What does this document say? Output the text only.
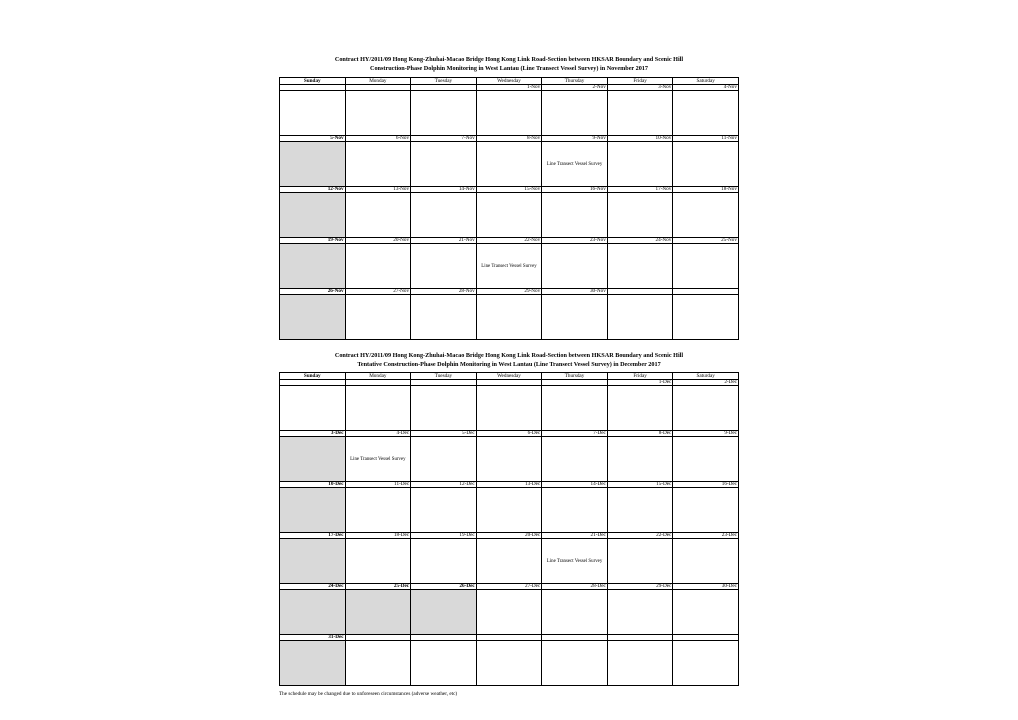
Contract HY/2011/09 Hong Kong-Zhuhai-Macao Bridge Hong Kong Link Road-Section between HKSAR Boundary and Scenic Hill
Construction-Phase Dolphin Monitoring in West Lantau (Line Transect Vessel Survey) in November 2017
Sunday	Monday	Tuesday	Wednesday	Thursday	Friday	Saturday
			1-Nov	2-Nov	3-Nov	4-Nov

5-Nov	6-Nov	7-Nov	8-Nov	9-Nov	10-Nov	11-Nov
				Line Transect Vessel Survey		
12-Nov	13-Nov	14-Nov	15-Nov	16-Nov	17-Nov	18-Nov

19-Nov	20-Nov	21-Nov	22-Nov	23-Nov	24-Nov	25-Nov
			Line Transect Vessel Survey			
26-Nov	27-Nov	28-Nov	29-Nov	30-Nov		

Contract HY/2011/09 Hong Kong-Zhuhai-Macao Bridge Hong Kong Link Road-Section between HKSAR Boundary and Scenic Hill
Tentative Construction-Phase Dolphin Monitoring in West Lantau (Line Transect Vessel Survey) in December 2017
Sunday	Monday	Tuesday	Wednesday	Thursday	Friday	Saturday
					1-Dec	2-Dec

3-Dec	4-Dec	5-Dec	6-Dec	7-Dec	8-Dec	9-Dec
	Line Transect Vessel Survey					
10-Dec	11-Dec	12-Dec	13-Dec	14-Dec	15-Dec	16-Dec

17-Dec	18-Dec	19-Dec	20-Dec	21-Dec	22-Dec	23-Dec
				Line Transect Vessel Survey		
24-Dec	25-Dec	26-Dec	27-Dec	28-Dec	29-Dec	30-Dec

31-Dec						

The schedule may be changed due to unforeseen circumstances (adverse weather, etc)
